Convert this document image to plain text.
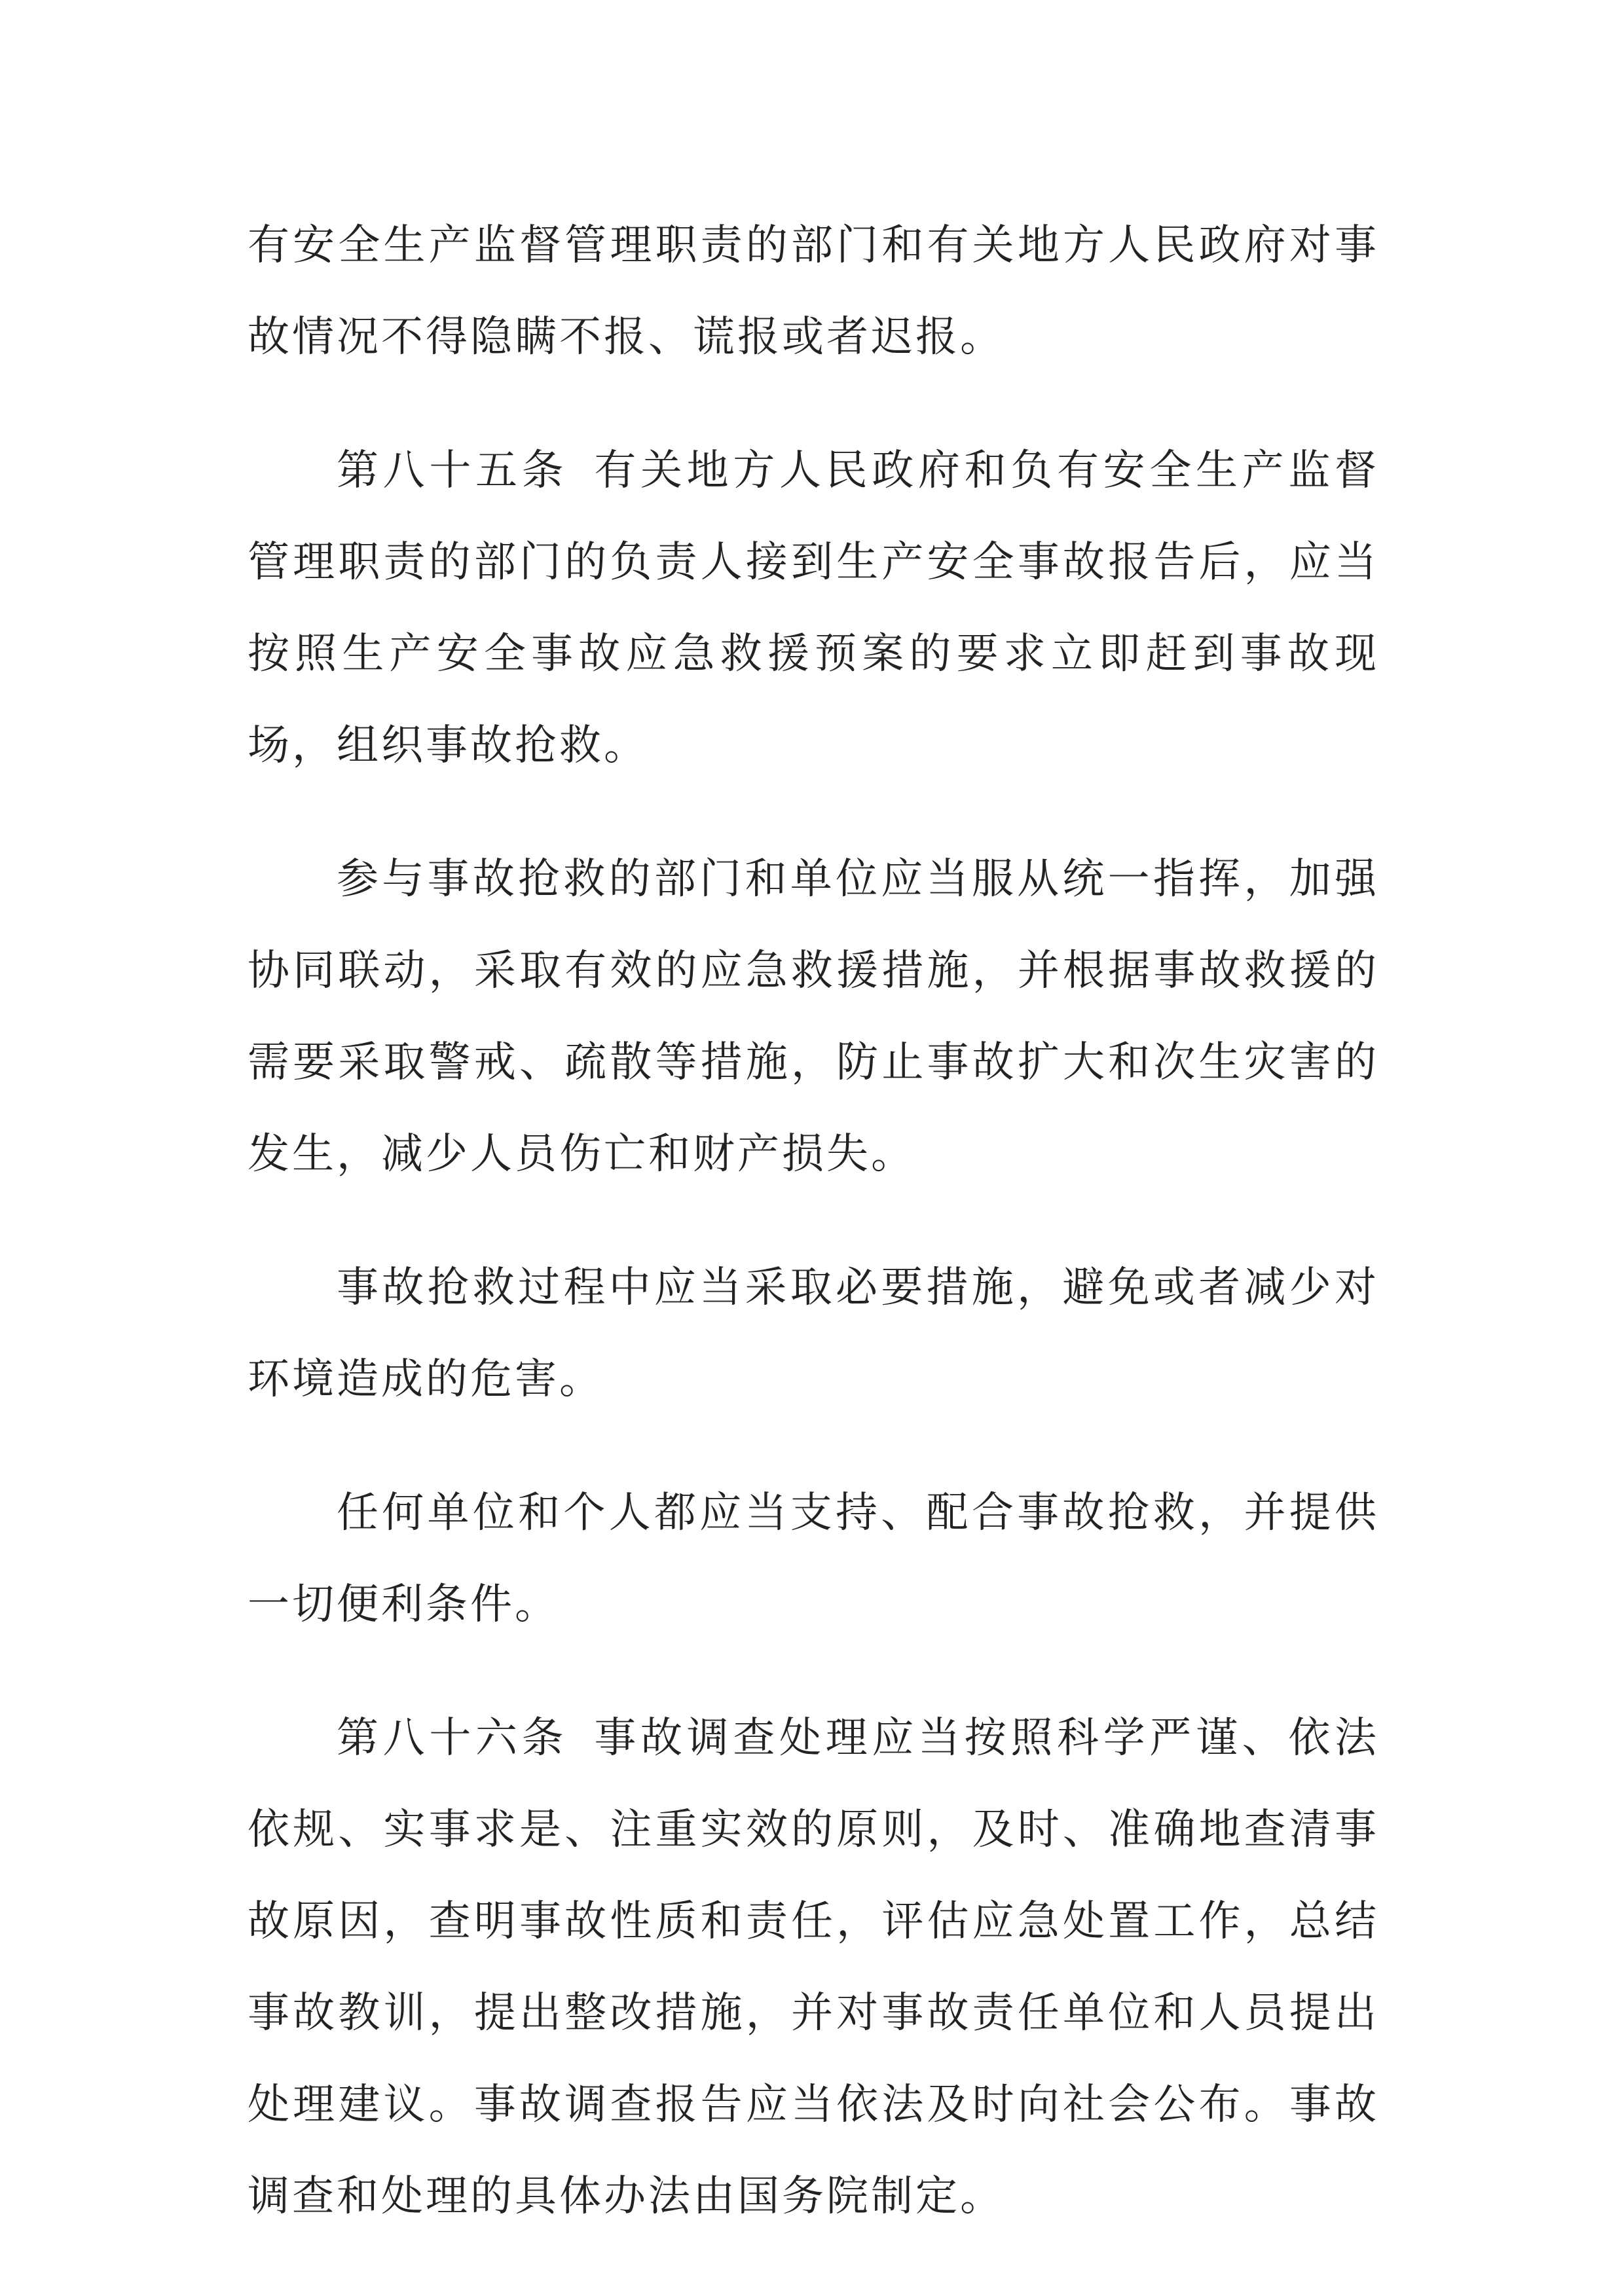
有安全生产监督管理职责的部门和有关地方人民政府对事故情况不得隐瞒不报、谎报或者迟报。

第八十五条 有关地方人民政府和负有安全生产监督管理职责的部门的负责人接到生产安全事故报告后，应当按照生产安全事故应急救援预案的要求立即赶到事故现场，组织事故抢救。

参与事故抢救的部门和单位应当服从统一指挥，加强协同联动，采取有效的应急救援措施，并根据事故救援的需要采取警戒、疏散等措施，防止事故扩大和次生灾害的发生，减少人员伤亡和财产损失。

事故抢救过程中应当采取必要措施，避免或者减少对环境造成的危害。

任何单位和个人都应当支持、配合事故抢救，并提供一切便利条件。

第八十六条 事故调查处理应当按照科学严谨、依法依规、实事求是、注重实效的原则，及时、准确地查清事故原因，查明事故性质和责任，评估应急处置工作，总结事故教训，提出整改措施，并对事故责任单位和人员提出处理建议。事故调查报告应当依法及时向社会公布。事故调查和处理的具体办法由国务院制定。
